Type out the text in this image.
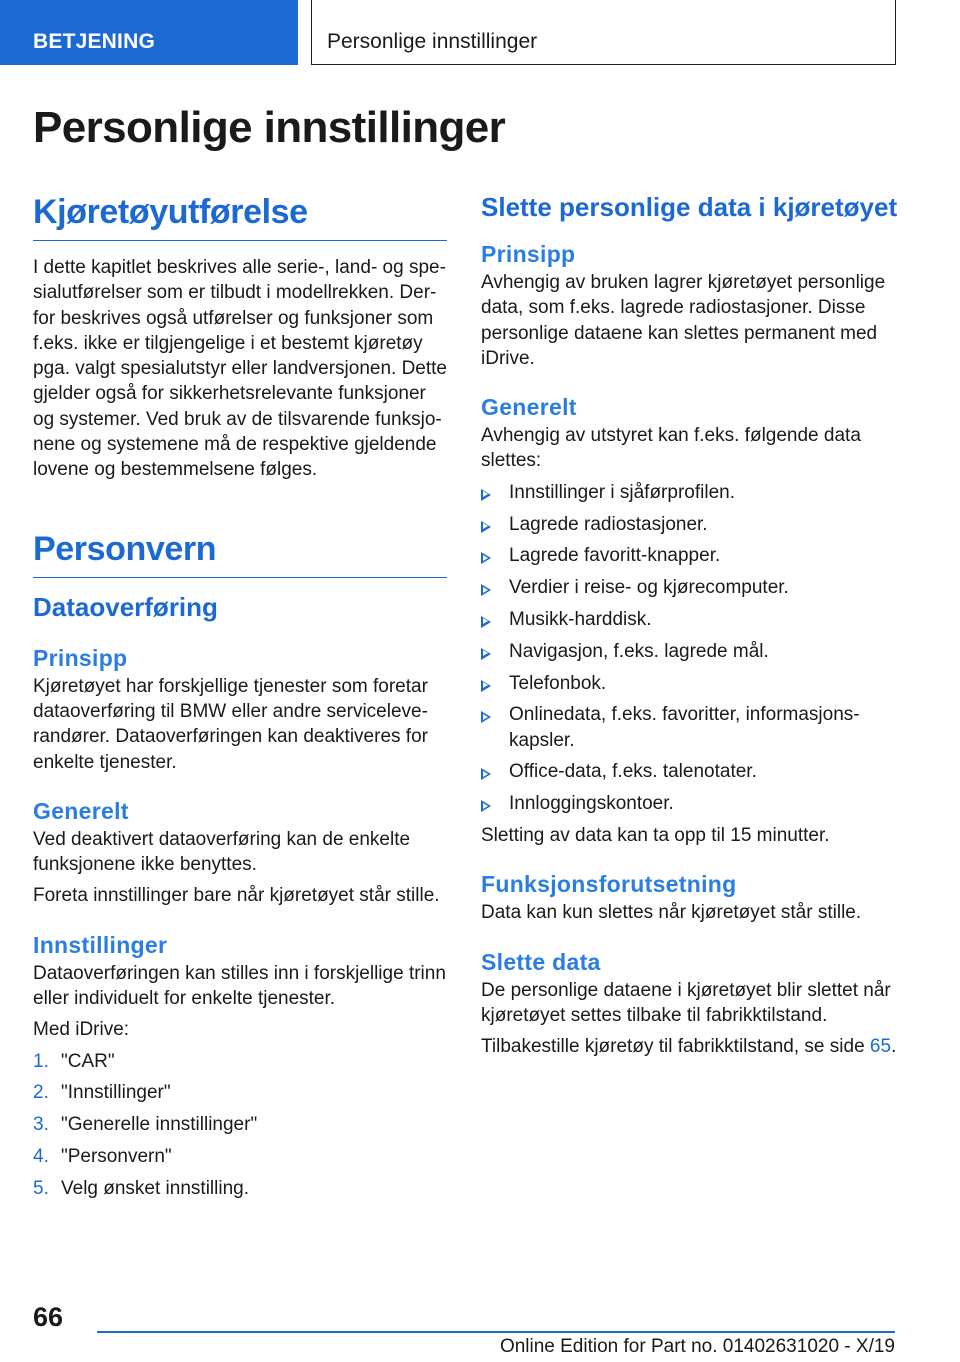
BETJENING	Personlige innstillinger
Personlige innstillinger
Kjøretøyutførelse

I dette kapitlet beskrives alle serie-, land- og spe-sialutførelser som er tilbudt i modellrekken. Der-for beskrives også utførelser og funksjoner som f.eks. ikke er tilgjengelige i et bestemt kjøretøy pga. valgt spesialutstyr eller landversjonen. Dette gjelder også for sikkerhetsrelevante funksjoner og systemer. Ved bruk av de tilsvarende funksjo-nene og systemene må de respektive gjeldende lovene og bestemmelsene følges.

Personvern
Dataoverføring
Prinsipp

Kjøretøyet har forskjellige tjenester som foretar dataoverføring til BMW eller andre serviceleve-randører. Dataoverføringen kan deaktiveres for enkelte tjenester.

Generelt

Ved deaktivert dataoverføring kan de enkelte funksjonene ikke benyttes.

Foreta innstillinger bare når kjøretøyet står stille.

Innstillinger

Dataoverføringen kan stilles inn i forskjellige trinn eller individuelt for enkelte tjenester.

Med iDrive:

1. "CAR"
2. "Innstillinger"
3. "Generelle innstillinger"
4. "Personvern"
5. Velg ønsket innstilling.
Slette personlige data i kjøretøyet
Prinsipp

Avhengig av bruken lagrer kjøretøyet personlige data, som f.eks. lagrede radiostasjoner. Disse personlige dataene kan slettes permanent med iDrive.

Generelt

Avhengig av utstyret kan f.eks. følgende data slettes:

Innstillinger i sjåførprofilen.
Lagrede radiostasjoner.
Lagrede favoritt-knapper.
Verdier i reise- og kjørecomputer.
Musikk-harddisk.
Navigasjon, f.eks. lagrede mål.
Telefonbok.
Onlinedata, f.eks. favoritter, informasjons-kapsler.
Office-data, f.eks. talenotater.
Innloggingskontoer.

Sletting av data kan ta opp til 15 minutter.

Funksjonsforutsetning

Data kan kun slettes når kjøretøyet står stille.

Slette data

De personlige dataene i kjøretøyet blir slettet når kjøretøyet settes tilbake til fabrikktilstand.

Tilbakestille kjøretøy til fabrikktilstand, se side 65.

66
Online Edition for Part no. 01402631020 - X/19
